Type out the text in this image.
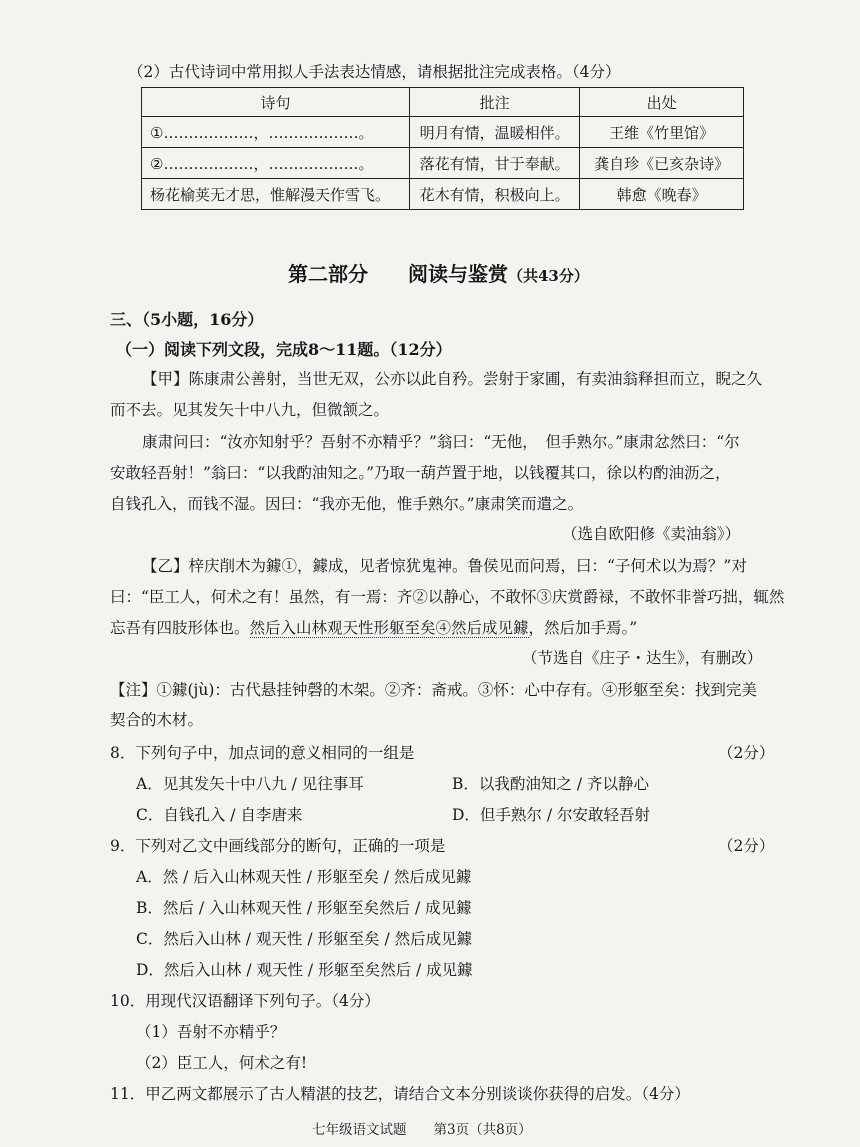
（2）古代诗词中常用拟人手法表达情感，请根据批注完成表格。（4分）
诗句	批注	出处
①………………，………………。	明月有情，温暖相伴。	王维《竹里馆》
②………………，………………。	落花有情，甘于奉献。	龚自珍《已亥杂诗》
杨花榆荚无才思，惟解漫天作雪飞。	花木有情，积极向上。	韩愈《晚春》
第二部分　　阅读与鉴赏（共43分）
三、（5小题，16分）
（一）阅读下列文段，完成8～11题。（12分）
【甲】陈康肃公善射，当世无双，公亦以此自矜。尝射于家圃，有卖油翁释担而立，睨之久
而不去。见其发矢十中八九，但微颔之。
康肃问曰：“汝亦知射乎？吾射不亦精乎？”翁曰：“无他，　但手熟尔。”康肃忿然曰：“尔
安敢轻吾射！”翁曰：“以我酌油知之。”乃取一葫芦置于地，以钱覆其口，徐以杓酌油沥之，
自钱孔入，而钱不湿。因曰：“我亦无他，惟手熟尔。”康肃笑而遣之。
（选自欧阳修《卖油翁》）
【乙】梓庆削木为鐻①，鐻成，见者惊犹鬼神。鲁侯见而问焉，曰：“子何术以为焉？”对
曰：“臣工人，何术之有！虽然，有一焉：齐②以静心，不敢怀③庆赏爵禄，不敢怀非誉巧拙，辄然
忘吾有四肢形体也。然后入山林观天性形躯至矣④然后成见鐻，然后加手焉。”
（节选自《庄子・达生》，有删改）
【注】①鐻(jù)：古代悬挂钟磬的木架。②齐：斋戒。③怀：心中存有。④形躯至矣：找到完美
契合的木材。
8．下列句子中，加点词的意义相同的一组是	（2分）
A．见其发矢十中八九 / 见往事耳	B．以我酌油知之 / 齐以静心
C．自钱孔入 / 自李唐来	D．但手熟尔 / 尔安敢轻吾射
9．下列对乙文中画线部分的断句，正确的一项是	（2分）
A．然 / 后入山林观天性 / 形躯至矣 / 然后成见鐻
B．然后 / 入山林观天性 / 形躯至矣然后 / 成见鐻
C．然后入山林 / 观天性 / 形躯至矣 / 然后成见鐻
D．然后入山林 / 观天性 / 形躯至矣然后 / 成见鐻
10．用现代汉语翻译下列句子。（4分）
（1）吾射不亦精乎？
（2）臣工人，何术之有!
11．甲乙两文都展示了古人精湛的技艺，请结合文本分别谈谈你获得的启发。（4分）
七年级语文试题　　第3页（共8页）
